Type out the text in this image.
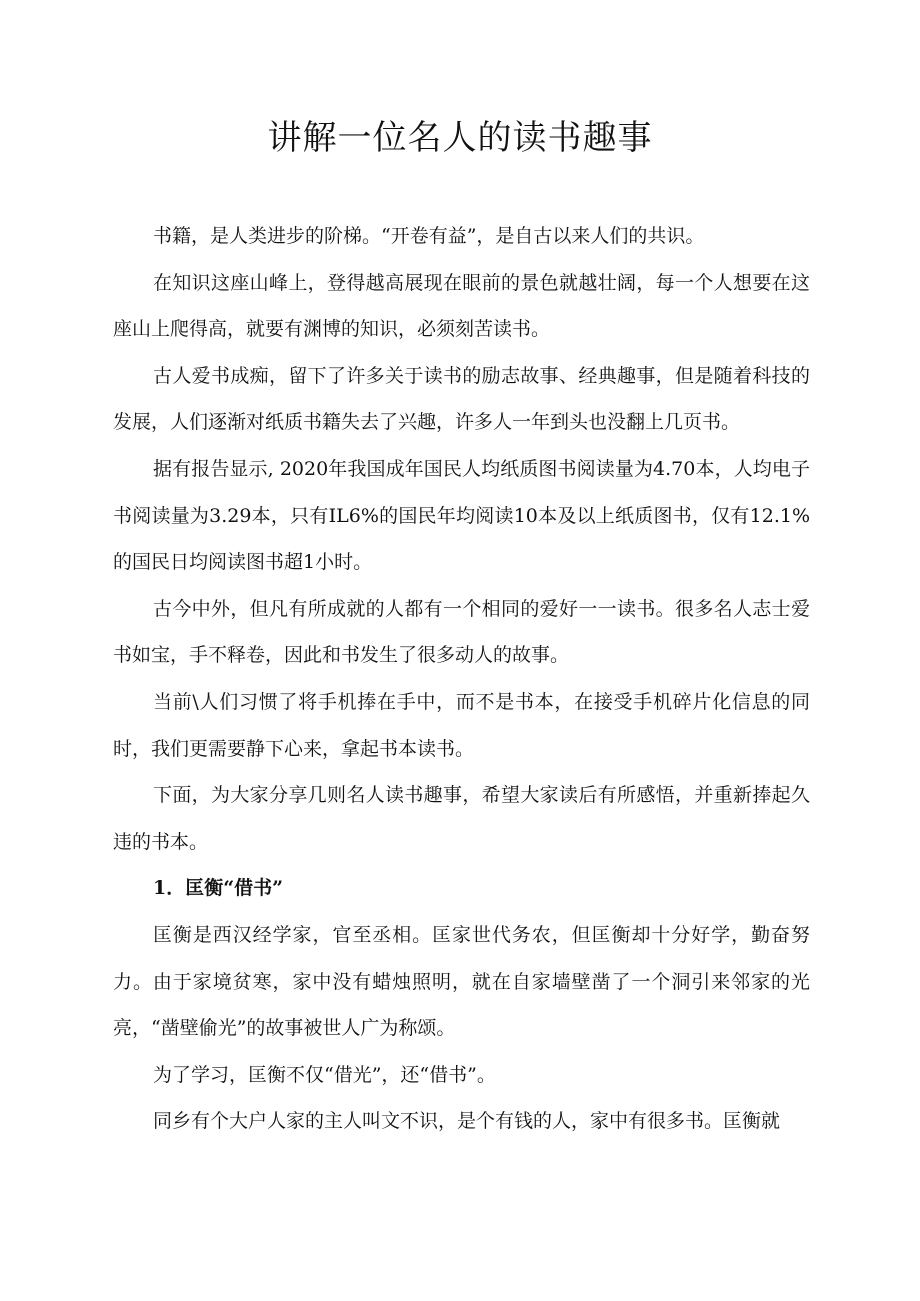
讲解一位名人的读书趣事

书籍，是人类进步的阶梯。“开卷有益”，是自古以来人们的共识。

在知识这座山峰上，登得越高展现在眼前的景色就越壮阔，每一个人想要在这座山上爬得高，就要有渊博的知识，必须刻苦读书。

古人爱书成痴，留下了许多关于读书的励志故事、经典趣事，但是随着科技的发展，人们逐渐对纸质书籍失去了兴趣，许多人一年到头也没翻上几页书。

据有报告显示, 2020年我国成年国民人均纸质图书阅读量为4.70本，人均电子书阅读量为3.29本，只有IL6%的国民年均阅读10本及以上纸质图书，仅有12.1%的国民日均阅读图书超1小时。

古今中外，但凡有所成就的人都有一个相同的爱好一一读书。很多名人志士爱书如宝，手不释卷，因此和书发生了很多动人的故事。

当前\人们习惯了将手机捧在手中，而不是书本，在接受手机碎片化信息的同时，我们更需要静下心来，拿起书本读书。

下面，为大家分享几则名人读书趣事，希望大家读后有所感悟，并重新捧起久违的书本。

1．匡衡“借书”

匡衡是西汉经学家，官至丞相。匡家世代务农，但匡衡却十分好学，勤奋努力。由于家境贫寒，家中没有蜡烛照明，就在自家墙壁凿了一个洞引来邻家的光亮，“凿壁偷光”的故事被世人广为称颂。

为了学习，匡衡不仅“借光”，还“借书”。

同乡有个大户人家的主人叫文不识，是个有钱的人，家中有很多书。匡衡就
